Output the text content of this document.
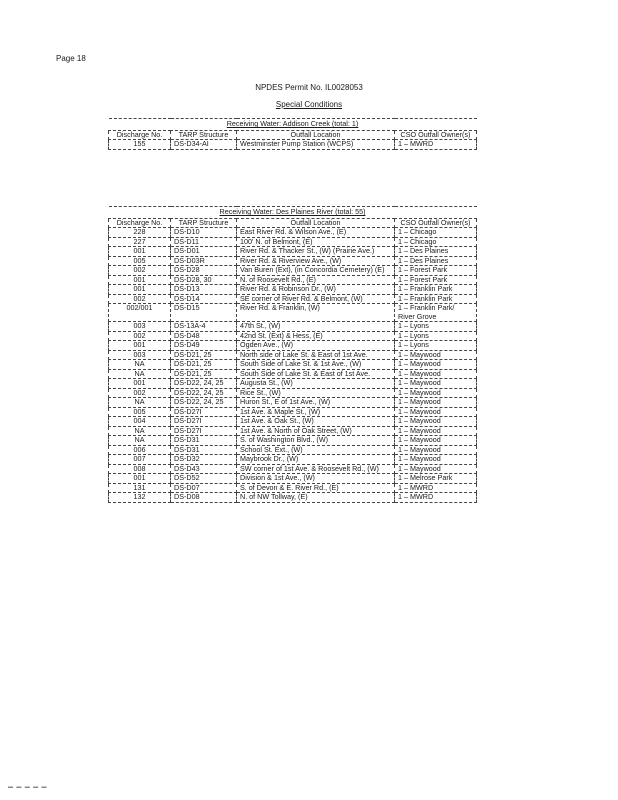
Page 18
NPDES Permit No. IL0028053
Special Conditions
Receiving Water: Addison Creek (total: 1)			
Discharge No.	TARP Structure	Outfall Location	CSO Outfall Owner(s)
155	DS-D34-AI	Westminster Pump Station (WCPS)	1 – MWRD
Receiving Water: Des Plaines River (total: 55)			
Discharge No.	TARP Structure	Outfall Location	CSO Outfall Owner(s)
228	DS-D10	East River Rd. & Wilson Ave., (E)	1 – Chicago
227	DS-D11	100' N. of Belmont, (E)	1 – Chicago
001	DS-D01	River Rd. & Thacker St., (W) (Prairie Ave.)	1 – Des Plaines
005	DS-D03R	River Rd. & Riverview Ave., (W)	1 – Des Plaines
002	DS-D28	Van Buren (Ext), (in Concordia Cemetery) (E)	1 – Forest Park
001	DS-D28, 30	N. of Roosevelt Rd., (E)	1 – Forest Park
001	DS-D13	River Rd. & Robinson Dr., (W)	1 – Franklin Park
002	DS-D14	SE corner of River Rd. & Belmont, (W)	1 – Franklin Park
002/001	DS-D15	River Rd. & Franklin, (W)	1 – Franklin Park/ River Grove
003	DS-13A-4	47th St., (W)	1 – Lyons
002	DS-D48	42nd St. (Ext) & Hess, (E)	1 – Lyons
001	DS-D49	Ogden Ave., (W)	1 – Lyons
003	DS-D21, 25	North side of Lake St. & East of 1st Ave.	1 – Maywood
NA	DS-D21, 25	South Side of Lake St. & 1st Ave., (W)	1 – Maywood
NA	DS-D21, 25	South Side of Lake St. & East of 1st Ave.	1 – Maywood
001	DS-D22, 24, 25	Augusta St., (W)	1 – Maywood
002	DS-D22, 24, 25	Rice St., (W)	1 – Maywood
NA	DS-D22, 24, 25	Huron St., E of 1st Ave., (W)	1 – Maywood
005	DS-D27I	1st Ave. & Maple St., (W)	1 – Maywood
004	DS-D27I	1st Ave. & Oak St., (W)	1 – Maywood
NA	DS-D27I	1st Ave. & North of Oak Street, (W)	1 – Maywood
NA	DS-D31	S. of Washington Blvd., (W)	1 – Maywood
006	DS-D31	School St. Ext., (W)	1 – Maywood
007	DS-D32	Maybrook Dr., (W)	1 – Maywood
008	DS-D43	SW corner of 1st Ave. & Roosevelt Rd., (W)	1 – Maywood
001	DS-D52	Division & 1st Ave., (W)	1 – Melrose Park
131	DS-D07	S. of Devon & E. River Rd., (E)	1 – MWRD
132	DS-D08	N. of NW Tollway, (E)	1 – MWRD
▬ ▬ ▬ ▬ ▬
